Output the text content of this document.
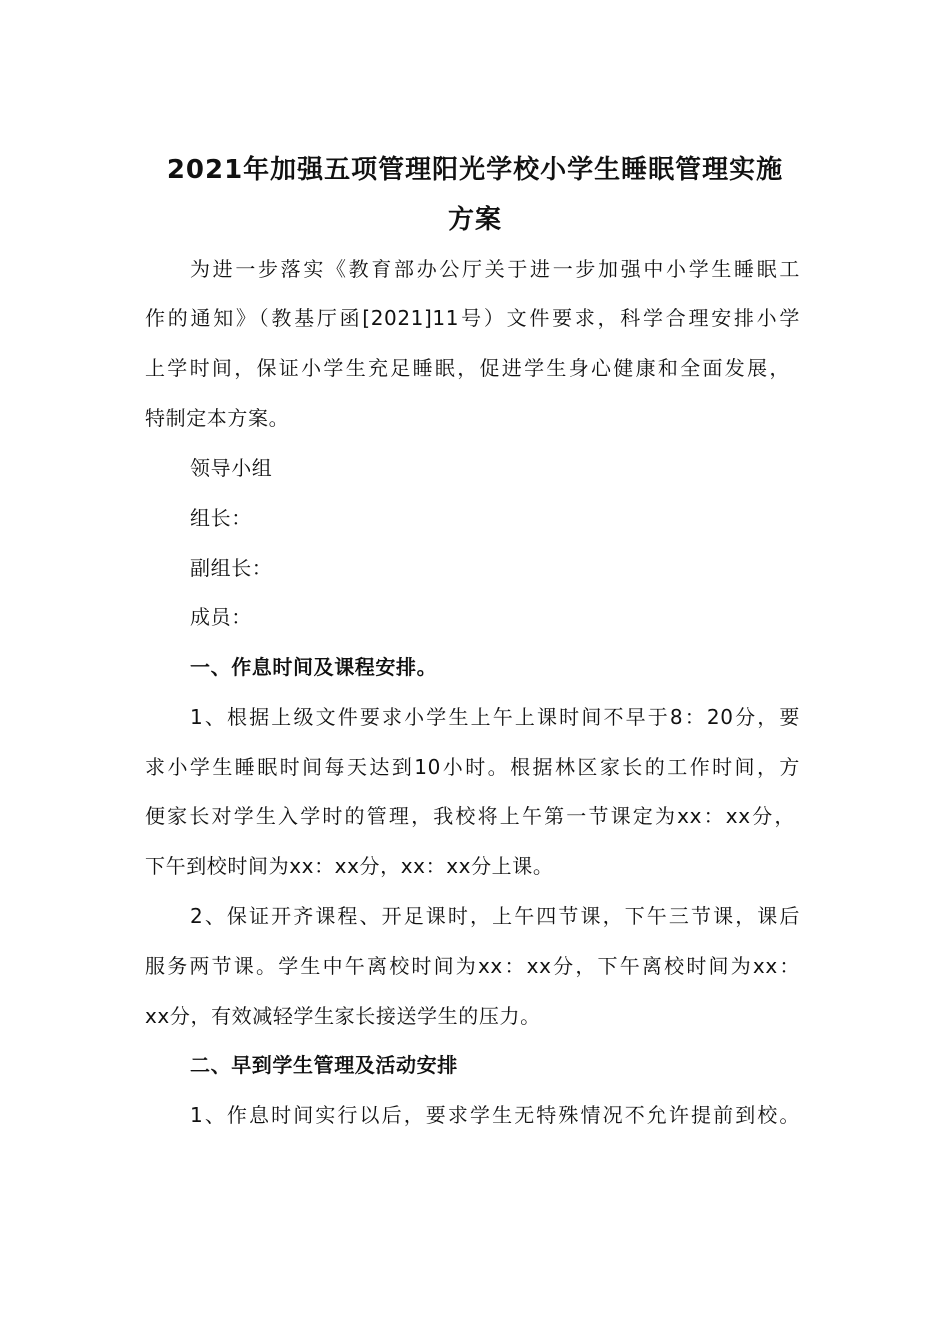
2021年加强五项管理阳光学校小学生睡眠管理实施
方案
为进一步落实《教育部办公厅关于进一步加强中小学生睡眠工
作的通知》（教基厅函[2021]11号）文件要求，科学合理安排小学
上学时间，保证小学生充足睡眠，促进学生身心健康和全面发展，
特制定本方案。
领导小组
组长：
副组长：
成员：
一、作息时间及课程安排。
1、根据上级文件要求小学生上午上课时间不早于8：20分，要
求小学生睡眠时间每天达到10小时。根据林区家长的工作时间，方
便家长对学生入学时的管理，我校将上午第一节课定为xx：xx分，
下午到校时间为xx：xx分，xx：xx分上课。
2、保证开齐课程、开足课时，上午四节课，下午三节课，课后
服务两节课。学生中午离校时间为xx：xx分，下午离校时间为xx：
xx分，有效减轻学生家长接送学生的压力。
二、早到学生管理及活动安排
1、作息时间实行以后，要求学生无特殊情况不允许提前到校。
